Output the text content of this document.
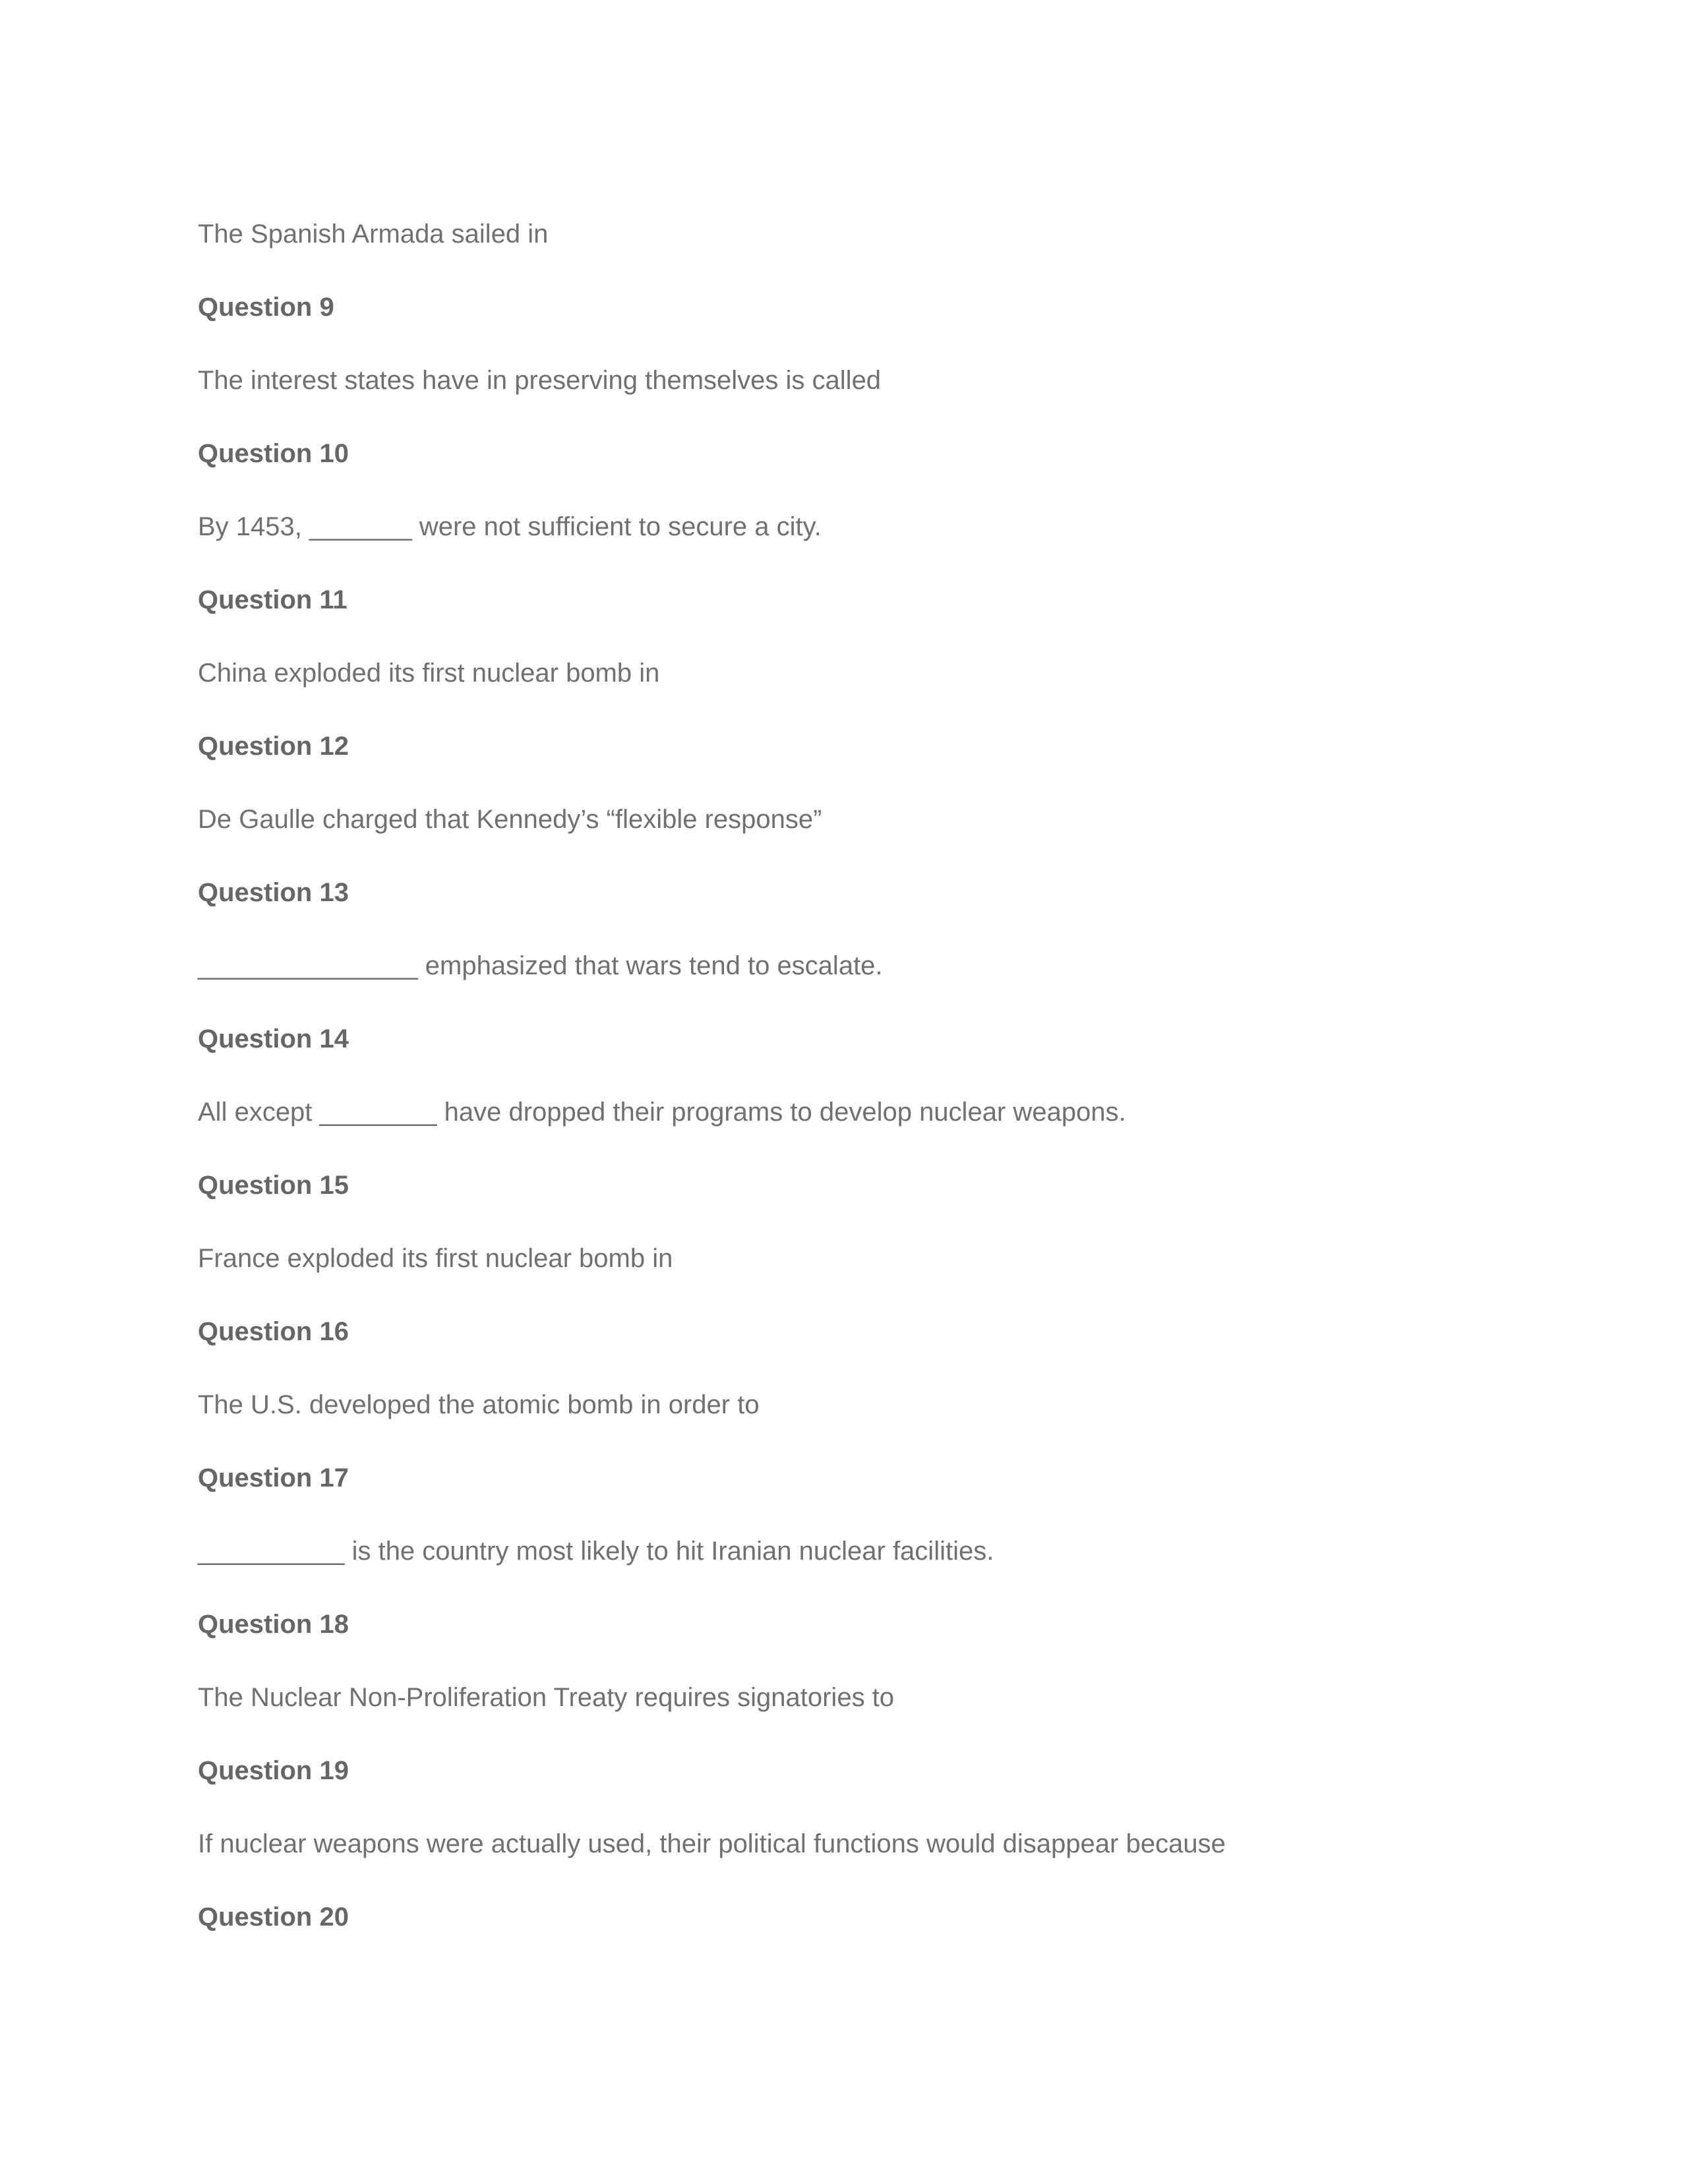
The Spanish Armada sailed in
Question 9
The interest states have in preserving themselves is called
Question 10
By 1453, _______ were not sufficient to secure a city.
Question 11
China exploded its first nuclear bomb in
Question 12
De Gaulle charged that Kennedy’s “flexible response”
Question 13
_______________ emphasized that wars tend to escalate.
Question 14
All except ________ have dropped their programs to develop nuclear weapons.
Question 15
France exploded its first nuclear bomb in
Question 16
The U.S. developed the atomic bomb in order to
Question 17
__________ is the country most likely to hit Iranian nuclear facilities.
Question 18
The Nuclear Non-Proliferation Treaty requires signatories to
Question 19
If nuclear weapons were actually used, their political functions would disappear because
Question 20
